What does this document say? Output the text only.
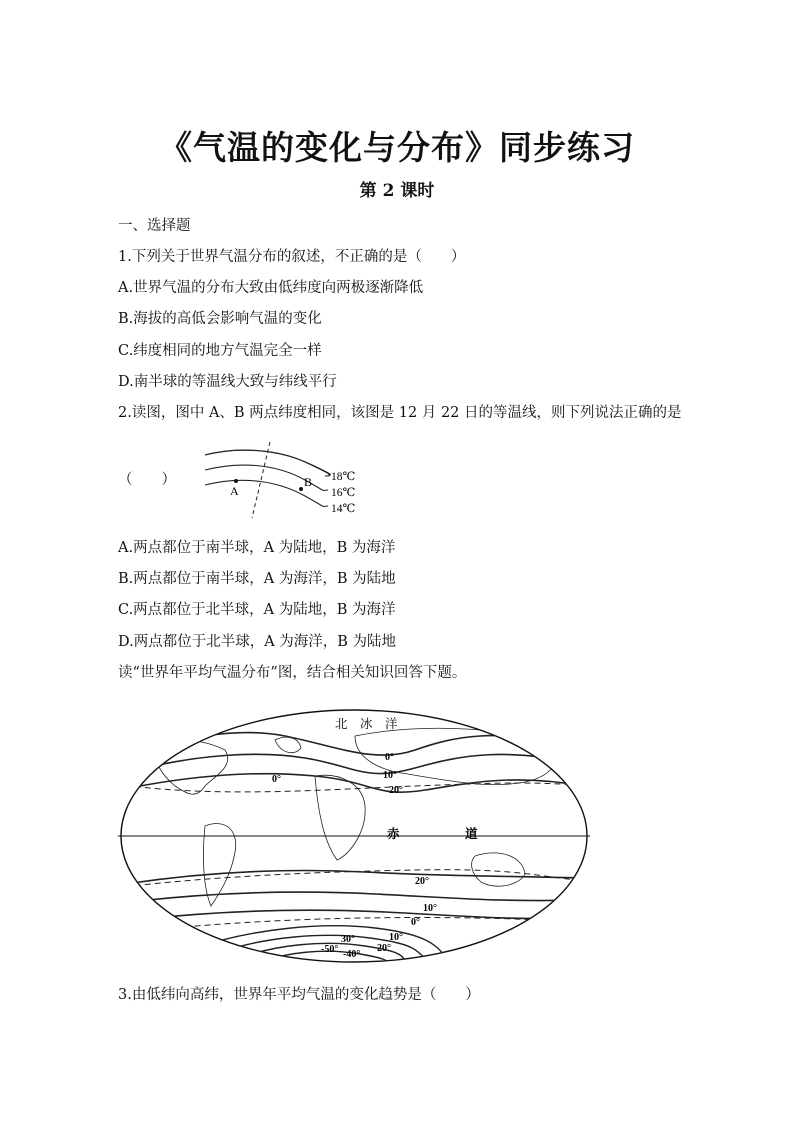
《气温的变化与分布》同步练习
第 2 课时
一、选择题
1.下列关于世界气温分布的叙述，不正确的是（　　）
A.世界气温的分布大致由低纬度向两极逐渐降低
B.海拔的高低会影响气温的变化
C.纬度相同的地方气温完全一样
D.南半球的等温线大致与纬线平行
2.读图，图中 A、B 两点纬度相同，该图是 12 月 22 日的等温线，则下列说法正确的是
（　　）
A
B 18℃
16℃
14℃
A.两点都位于南半球，A 为陆地，B 为海洋
B.两点都位于南半球，A 为海洋，B 为陆地
C.两点都位于北半球，A 为陆地，B 为海洋
D.两点都位于北半球，A 为海洋，B 为陆地
读“世界年平均气温分布”图，结合相关知识回答下题。
北　冰　洋
赤	道
0°
0°	10°
20°
20°
10°
0°
10°
20°
30°
-50° -40°
3.由低纬向高纬，世界年平均气温的变化趋势是（　　）
